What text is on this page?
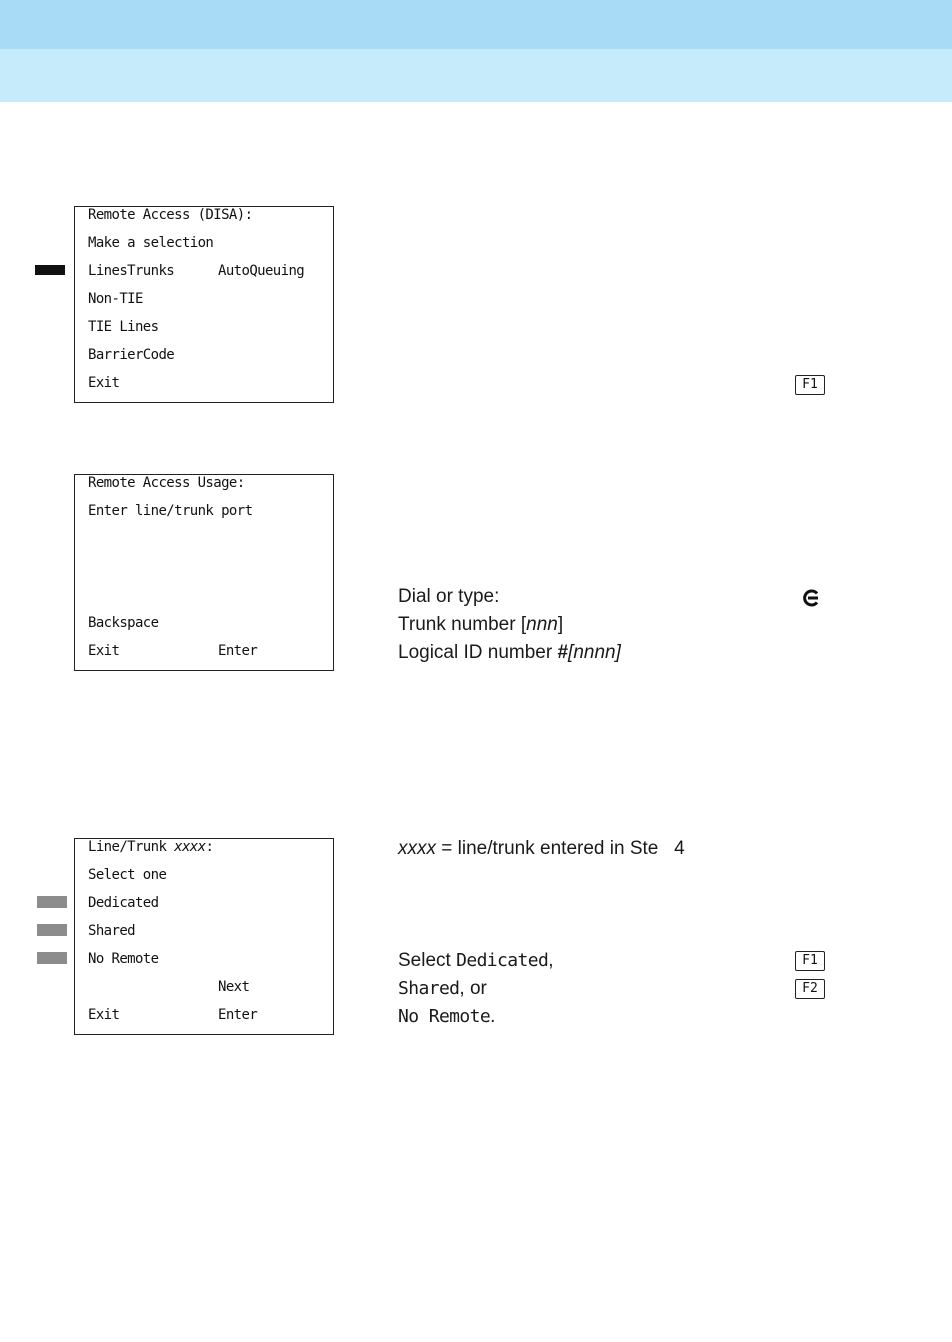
Remote Access (DISA):
Make a selection
LinesTrunks	AutoQueuing
Non-TIE
TIE Lines
BarrierCode
Exit	F1
Remote Access Usage:
Enter line/trunk port
Backspace
Exit	Enter
Dial or type:
Trunk number [nnn]
Logical ID number #[nnnn]
Line/Trunk xxxx:
Select one
Dedicated
Shared
No Remote
Next
Exit	Enter
xxxx = line/trunk entered in Ste   4
Select Dedicated,
Shared, or
No Remote.
F1
F2
